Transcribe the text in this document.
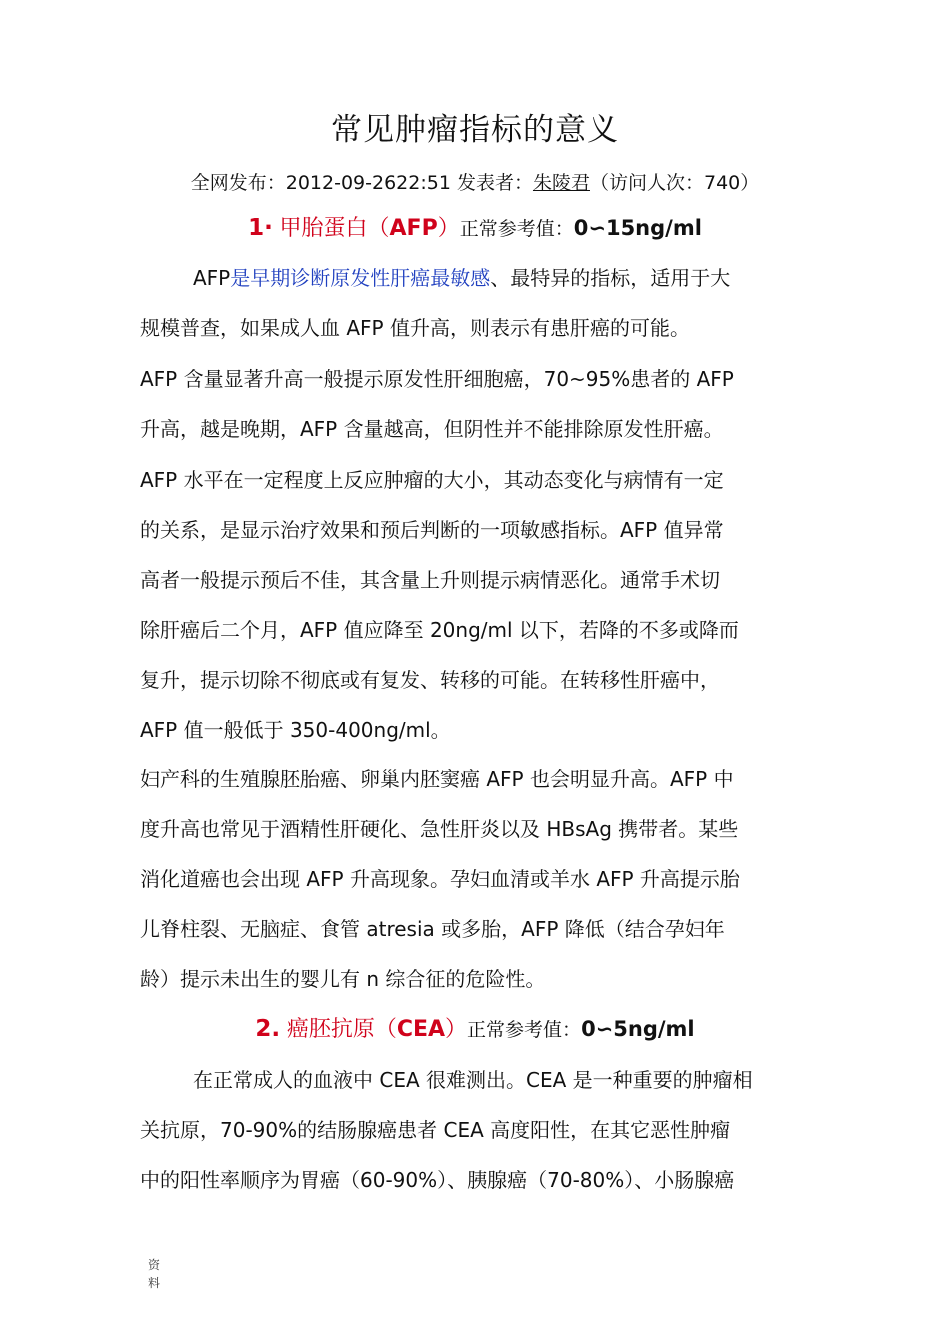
常见肿瘤指标的意义
全网发布：2012-09-2622:51 发表者：朱陵君（访问人次：740）
1· 甲胎蛋白（AFP）正常参考值：0∽15ng/ml
AFP是早期诊断原发性肝癌最敏感、最特异的指标，适用于大
规模普查，如果成人血 AFP 值升高，则表示有患肝癌的可能。
AFP 含量显著升高一般提示原发性肝细胞癌，70~95%患者的 AFP
升高，越是晚期，AFP 含量越高，但阴性并不能排除原发性肝癌。
AFP 水平在一定程度上反应肿瘤的大小，其动态变化与病情有一定
的关系，是显示治疗效果和预后判断的一项敏感指标。AFP 值异常
高者一般提示预后不佳，其含量上升则提示病情恶化。通常手术切
除肝癌后二个月，AFP 值应降至 20ng/ml 以下，若降的不多或降而
复升，提示切除不彻底或有复发、转移的可能。在转移性肝癌中，
AFP 值一般低于 350-400ng/ml。
妇产科的生殖腺胚胎癌、卵巢内胚窦癌 AFP 也会明显升高。AFP 中
度升高也常见于酒精性肝硬化、急性肝炎以及 HBsAg 携带者。某些
消化道癌也会出现 AFP 升高现象。孕妇血清或羊水 AFP 升高提示胎
儿脊柱裂、无脑症、食管 atresia 或多胎，AFP 降低（结合孕妇年
龄）提示未出生的婴儿有 n 综合征的危险性。
2. 癌胚抗原（CEA）正常参考值：0∽5ng/ml
在正常成人的血液中 CEA 很难测出。CEA 是一种重要的肿瘤相
关抗原，70-90%的结肠腺癌患者 CEA 高度阳性，在其它恶性肿瘤
中的阳性率顺序为胃癌（60-90%）、胰腺癌（70-80%）、小肠腺癌
资
料
